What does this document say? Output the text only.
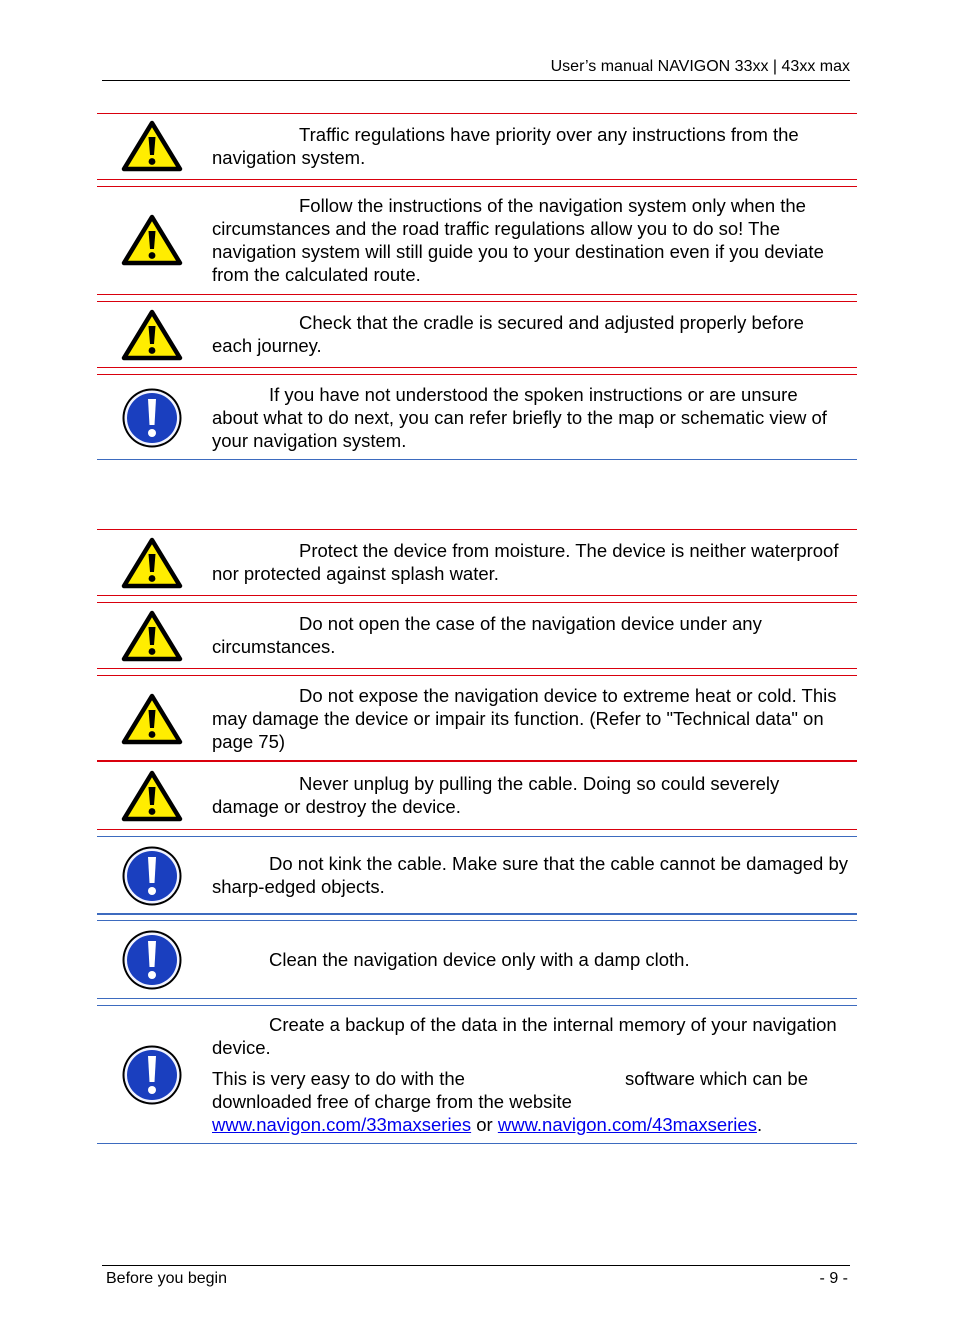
User’s manual NAVIGON 33xx | 43xx max

Traffic regulations have priority over any instructions from the navigation system.

Follow the instructions of the navigation system only when the circumstances and the road traffic regulations allow you to do so! The navigation system will still guide you to your destination even if you deviate from the calculated route.

Check that the cradle is secured and adjusted properly before each journey.

If you have not understood the spoken instructions or are unsure about what to do next, you can refer briefly to the map or schematic view of your navigation system.

Protect the device from moisture. The device is neither waterproof nor protected against splash water.

Do not open the case of the navigation device under any circumstances.

Do not expose the navigation device to extreme heat or cold. This may damage the device or impair its function. (Refer to "Technical data" on page 75)

Never unplug by pulling the cable. Doing so could severely damage or destroy the device.

Do not kink the cable. Make sure that the cable cannot be damaged by sharp-edged objects.

Clean the navigation device only with a damp cloth.

Create a backup of the data in the internal memory of your navigation device.

This is very easy to do with the	software which can be downloaded free of charge from the website
www.navigon.com/33maxseries or www.navigon.com/43maxseries.

Before you begin	- 9 -
